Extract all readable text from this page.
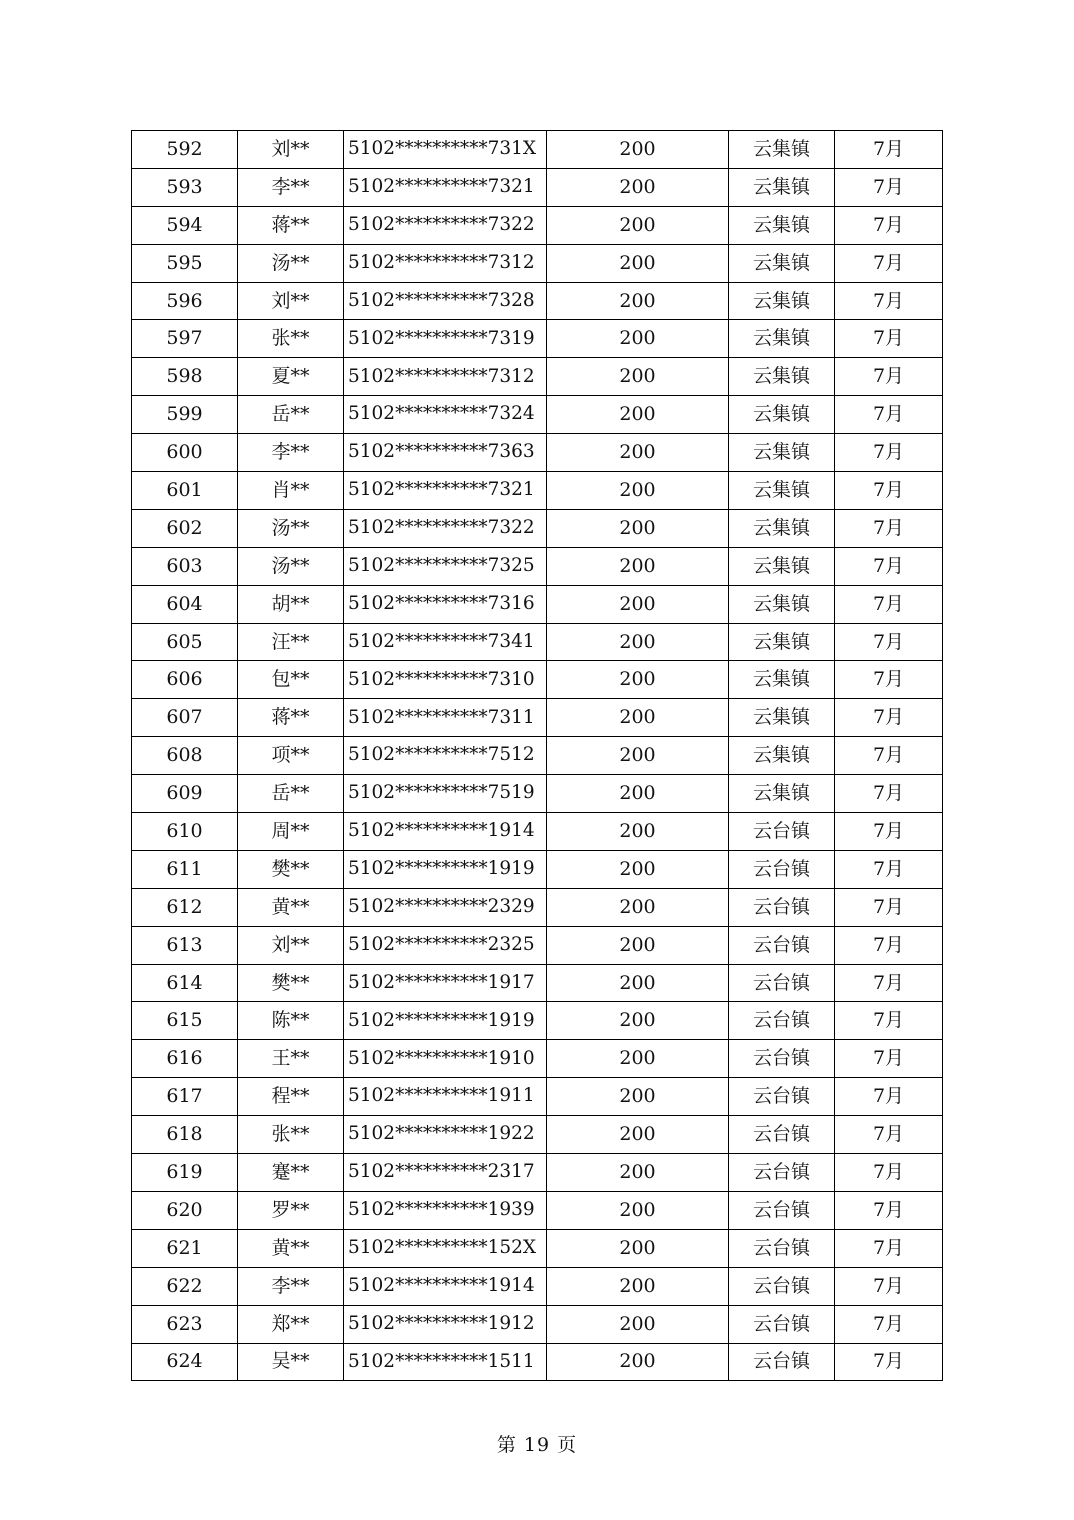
592	刘**	5102**********731X	200	云集镇	7月
593	李**	5102**********7321	200	云集镇	7月
594	蒋**	5102**********7322	200	云集镇	7月
595	汤**	5102**********7312	200	云集镇	7月
596	刘**	5102**********7328	200	云集镇	7月
597	张**	5102**********7319	200	云集镇	7月
598	夏**	5102**********7312	200	云集镇	7月
599	岳**	5102**********7324	200	云集镇	7月
600	李**	5102**********7363	200	云集镇	7月
601	肖**	5102**********7321	200	云集镇	7月
602	汤**	5102**********7322	200	云集镇	7月
603	汤**	5102**********7325	200	云集镇	7月
604	胡**	5102**********7316	200	云集镇	7月
605	汪**	5102**********7341	200	云集镇	7月
606	包**	5102**********7310	200	云集镇	7月
607	蒋**	5102**********7311	200	云集镇	7月
608	项**	5102**********7512	200	云集镇	7月
609	岳**	5102**********7519	200	云集镇	7月
610	周**	5102**********1914	200	云台镇	7月
611	樊**	5102**********1919	200	云台镇	7月
612	黄**	5102**********2329	200	云台镇	7月
613	刘**	5102**********2325	200	云台镇	7月
614	樊**	5102**********1917	200	云台镇	7月
615	陈**	5102**********1919	200	云台镇	7月
616	王**	5102**********1910	200	云台镇	7月
617	程**	5102**********1911	200	云台镇	7月
618	张**	5102**********1922	200	云台镇	7月
619	蹇**	5102**********2317	200	云台镇	7月
620	罗**	5102**********1939	200	云台镇	7月
621	黄**	5102**********152X	200	云台镇	7月
622	李**	5102**********1914	200	云台镇	7月
623	郑**	5102**********1912	200	云台镇	7月
624	吴**	5102**********1511	200	云台镇	7月
第 19 页
